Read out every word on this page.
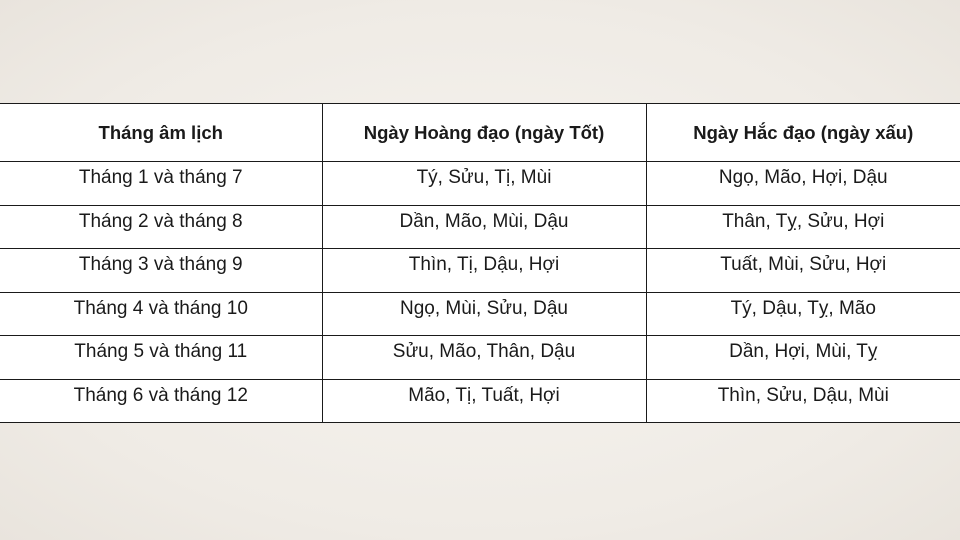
Tháng âm lịch	Ngày Hoàng đạo (ngày Tốt)	Ngày Hắc đạo (ngày xấu)
Tháng 1 và tháng 7	Tý, Sửu, Tị, Mùi	Ngọ, Mão, Hợi, Dậu
Tháng 2 và tháng 8	Dần, Mão, Mùi, Dậu	Thân, Tỵ, Sửu, Hợi
Tháng 3 và tháng 9	Thìn, Tị, Dậu, Hợi	Tuất, Mùi, Sửu, Hợi
Tháng 4 và tháng 10	Ngọ, Mùi, Sửu, Dậu	Tý, Dậu, Tỵ, Mão
Tháng 5 và tháng 11	Sửu, Mão, Thân, Dậu	Dần, Hợi, Mùi, Tỵ
Tháng 6 và tháng 12	Mão, Tị, Tuất, Hợi	Thìn, Sửu, Dậu, Mùi
